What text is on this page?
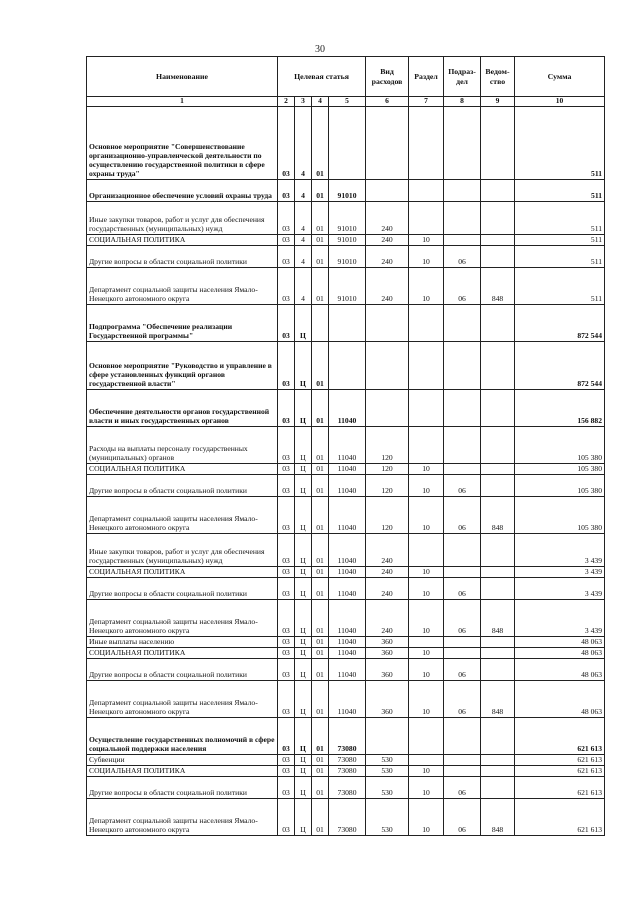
30
Наименование	Целевая статья				Вид расходов	Раздел	Подраз-дел	Ведом-ство	Сумма
1	2	3	4	5	6	7	8	9	10
Основное мероприятие "Совершенствование организационно-управленческой деятельности по осуществлению государственной политики в сфере охраны труда"	03	4	01						511
Организационное обеспечение условий охраны труда	03	4	01	91010					511
Иные закупки товаров, работ и услуг для обеспечения государственных (муниципальных) нужд	03	4	01	91010	240				511
СОЦИАЛЬНАЯ ПОЛИТИКА	03	4	01	91010	240	10			511
Другие вопросы в области социальной политики	03	4	01	91010	240	10	06		511
Департамент социальной защиты населения Ямало-Ненецкого автономного округа	03	4	01	91010	240	10	06	848	511
Подпрограмма "Обеспечение реализации Государственной программы"	03	Ц							872 544
Основное мероприятие "Руководство и управление в сфере установленных функций органов государственной власти"	03	Ц	01						872 544
Обеспечение деятельности органов государственной власти и иных государственных органов	03	Ц	01	11040					156 882
Расходы на выплаты персоналу государственных (муниципальных) органов	03	Ц	01	11040	120				105 380
СОЦИАЛЬНАЯ ПОЛИТИКА	03	Ц	01	11040	120	10			105 380
Другие вопросы в области социальной политики	03	Ц	01	11040	120	10	06		105 380
Департамент социальной защиты населения Ямало-Ненецкого автономного округа	03	Ц	01	11040	120	10	06	848	105 380
Иные закупки товаров, работ и услуг для обеспечения государственных (муниципальных) нужд	03	Ц	01	11040	240				3 439
СОЦИАЛЬНАЯ ПОЛИТИКА	03	Ц	01	11040	240	10			3 439
Другие вопросы в области социальной политики	03	Ц	01	11040	240	10	06		3 439
Департамент социальной защиты населения Ямало-Ненецкого автономного округа	03	Ц	01	11040	240	10	06	848	3 439
Иные выплаты населению	03	Ц	01	11040	360				48 063
СОЦИАЛЬНАЯ ПОЛИТИКА	03	Ц	01	11040	360	10			48 063
Другие вопросы в области социальной политики	03	Ц	01	11040	360	10	06		48 063
Департамент социальной защиты населения Ямало-Ненецкого автономного округа	03	Ц	01	11040	360	10	06	848	48 063
Осуществление государственных полномочий в сфере социальной поддержки населения	03	Ц	01	73080					621 613
Субвенции	03	Ц	01	73080	530				621 613
СОЦИАЛЬНАЯ ПОЛИТИКА	03	Ц	01	73080	530	10			621 613
Другие вопросы в области социальной политики	03	Ц	01	73080	530	10	06		621 613
Департамент социальной защиты населения Ямало-Ненецкого автономного округа	03	Ц	01	73080	530	10	06	848	621 613
